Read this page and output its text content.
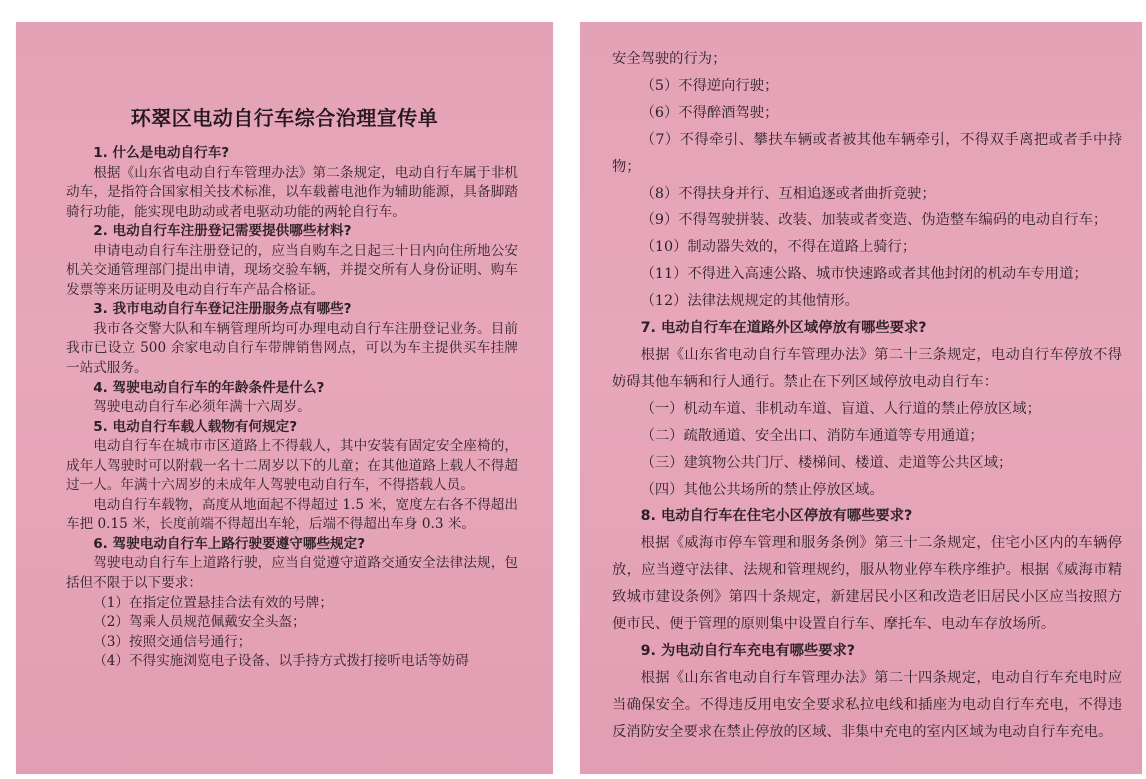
环翠区电动自行车综合治理宣传单

1. 什么是电动自行车?

根据《山东省电动自行车管理办法》第二条规定，电动自行车属于非机动车，是指符合国家相关技术标准，以车载蓄电池作为辅助能源，具备脚踏骑行功能，能实现电助动或者电驱动功能的两轮自行车。

2. 电动自行车注册登记需要提供哪些材料?

申请电动自行车注册登记的，应当自购车之日起三十日内向住所地公安机关交通管理部门提出申请，现场交验车辆，并提交所有人身份证明、购车发票等来历证明及电动自行车产品合格证。

3. 我市电动自行车登记注册服务点有哪些?

我市各交警大队和车辆管理所均可办理电动自行车注册登记业务。目前我市已设立 500 余家电动自行车带牌销售网点，可以为车主提供买车挂牌一站式服务。

4. 驾驶电动自行车的年龄条件是什么?

驾驶电动自行车必须年满十六周岁。

5. 电动自行车载人载物有何规定?

电动自行车在城市市区道路上不得载人，其中安装有固定安全座椅的，成年人驾驶时可以附载一名十二周岁以下的儿童；在其他道路上载人不得超过一人。年满十六周岁的未成年人驾驶电动自行车，不得搭载人员。

电动自行车载物，高度从地面起不得超过 1.5 米，宽度左右各不得超出车把 0.15 米，长度前端不得超出车轮，后端不得超出车身 0.3 米。

6. 驾驶电动自行车上路行驶要遵守哪些规定?

驾驶电动自行车上道路行驶，应当自觉遵守道路交通安全法律法规，包括但不限于以下要求：

（1）在指定位置悬挂合法有效的号牌；

（2）驾乘人员规范佩戴安全头盔；

（3）按照交通信号通行；

（4）不得实施浏览电子设备、以手持方式拨打接听电话等妨碍

安全驾驶的行为；

（5）不得逆向行驶；

（6）不得醉酒驾驶；

（7）不得牵引、攀扶车辆或者被其他车辆牵引，不得双手离把或者手中持物；

（8）不得扶身并行、互相追逐或者曲折竞驶；

（9）不得驾驶拼装、改装、加装或者变造、伪造整车编码的电动自行车；

（10）制动器失效的，不得在道路上骑行；

（11）不得进入高速公路、城市快速路或者其他封闭的机动车专用道；

（12）法律法规规定的其他情形。

7. 电动自行车在道路外区域停放有哪些要求?

根据《山东省电动自行车管理办法》第二十三条规定，电动自行车停放不得妨碍其他车辆和行人通行。禁止在下列区域停放电动自行车：

（一）机动车道、非机动车道、盲道、人行道的禁止停放区域；

（二）疏散通道、安全出口、消防车通道等专用通道；

（三）建筑物公共门厅、楼梯间、楼道、走道等公共区域；

（四）其他公共场所的禁止停放区域。

8. 电动自行车在住宅小区停放有哪些要求?

根据《威海市停车管理和服务条例》第三十二条规定，住宅小区内的车辆停放，应当遵守法律、法规和管理规约，服从物业停车秩序维护。根据《威海市精致城市建设条例》第四十条规定，新建居民小区和改造老旧居民小区应当按照方便市民、便于管理的原则集中设置自行车、摩托车、电动车存放场所。

9. 为电动自行车充电有哪些要求?

根据《山东省电动自行车管理办法》第二十四条规定，电动自行车充电时应当确保安全。不得违反用电安全要求私拉电线和插座为电动自行车充电，不得违反消防安全要求在禁止停放的区域、非集中充电的室内区域为电动自行车充电。
